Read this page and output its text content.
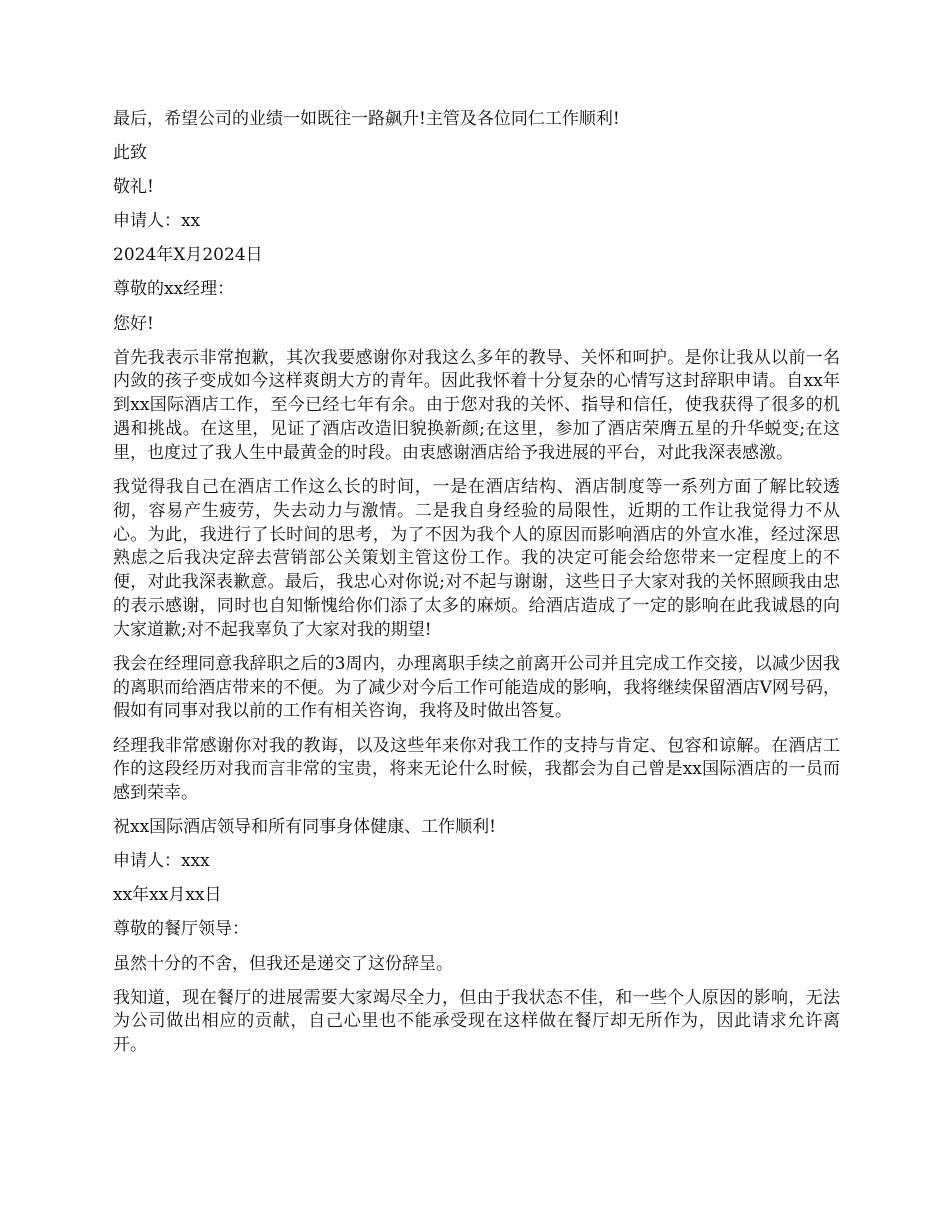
最后，希望公司的业绩一如既往一路飙升!主管及各位同仁工作顺利!

此致

敬礼!

申请人：xx

2024年X月2024日

尊敬的xx经理：

您好!

首先我表示非常抱歉，其次我要感谢你对我这么多年的教导、关怀和呵护。是你让我从以前一名内敛的孩子变成如今这样爽朗大方的青年。因此我怀着十分复杂的心情写这封辞职申请。自xx年到xx国际酒店工作，至今已经七年有余。由于您对我的关怀、指导和信任，使我获得了很多的机遇和挑战。在这里，见证了酒店改造旧貌换新颜;在这里，参加了酒店荣膺五星的升华蜕变;在这里，也度过了我人生中最黄金的时段。由衷感谢酒店给予我进展的平台，对此我深表感激。

我觉得我自己在酒店工作这么长的时间，一是在酒店结构、酒店制度等一系列方面了解比较透彻，容易产生疲劳，失去动力与激情。二是我自身经验的局限性，近期的工作让我觉得力不从心。为此，我进行了长时间的思考，为了不因为我个人的原因而影响酒店的外宣水准，经过深思熟虑之后我决定辞去营销部公关策划主管这份工作。我的决定可能会给您带来一定程度上的不便，对此我深表歉意。最后，我忠心对你说;对不起与谢谢，这些日子大家对我的关怀照顾我由忠的表示感谢，同时也自知惭愧给你们添了太多的麻烦。给酒店造成了一定的影响在此我诚恳的向大家道歉;对不起我辜负了大家对我的期望!

我会在经理同意我辞职之后的3周内，办理离职手续之前离开公司并且完成工作交接，以减少因我的离职而给酒店带来的不便。为了减少对今后工作可能造成的影响，我将继续保留酒店V网号码，假如有同事对我以前的工作有相关咨询，我将及时做出答复。

经理我非常感谢你对我的教诲，以及这些年来你对我工作的支持与肯定、包容和谅解。在酒店工作的这段经历对我而言非常的宝贵，将来无论什么时候，我都会为自己曾是xx国际酒店的一员而感到荣幸。

祝xx国际酒店领导和所有同事身体健康、工作顺利!

申请人：xxx

xx年xx月xx日

尊敬的餐厅领导：

虽然十分的不舍，但我还是递交了这份辞呈。

我知道，现在餐厅的进展需要大家竭尽全力，但由于我状态不佳，和一些个人原因的影响，无法为公司做出相应的贡献，自己心里也不能承受现在这样做在餐厅却无所作为，因此请求允许离开。
